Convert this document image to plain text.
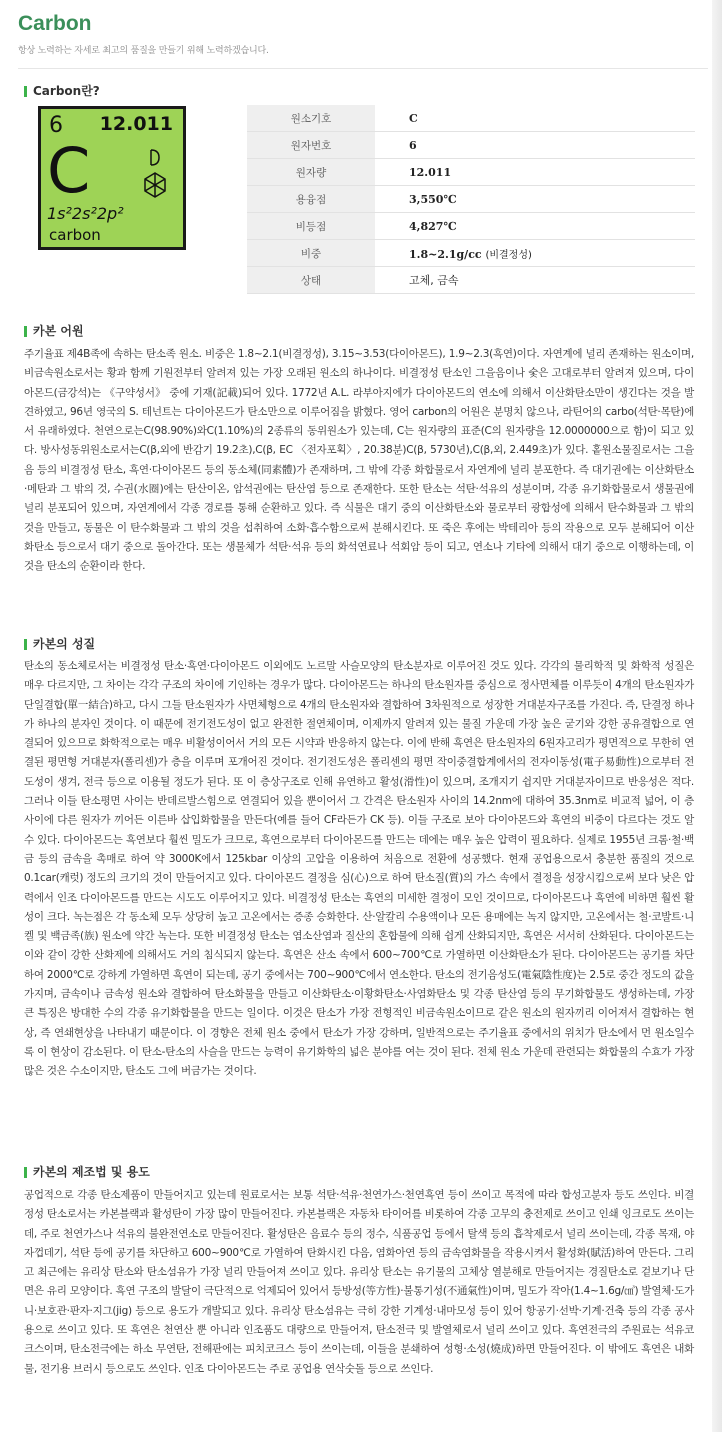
Carbon
항상 노력하는 자세로 최고의 품질을 만들기 위해 노력하겠습니다.
Carbon란?
6 12.011
C
1s²2s²2p²
carbon
원소기호	C
원자번호	6
원자량	12.011
용융점	3,550℃
비등점	4,827℃
비중	1.8~2.1g/cc (비결정성)
상태	고체, 금속
카본 어원
주기율표 제4B족에 속하는 탄소족 원소. 비중은 1.8~2.1(비결정성), 3.15~3.53(다이아몬드), 1.9~2.3(흑연)이다. 자연계에 널리 존재하는 원소이며, 비금속원소로서는 황과 함께 기원전부터 알려져 있는 가장 오래된 원소의 하나이다. 비결정성 탄소인 그을음이나 숯은 고대로부터 알려져 있으며, 다이아몬드(금강석)는 《구약성서》 중에 기재(記載)되어 있다. 1772년 A.L. 라부아지에가 다이아몬드의 연소에 의해서 이산화탄소만이 생긴다는 것을 발견하였고, 96년 영국의 S. 테넌트는 다이아몬드가 탄소만으로 이루어짐을 밝혔다. 영어 carbon의 어원은 분명치 않으나, 라틴어의 carbo(석탄·목탄)에서 유래하였다. 천연으로는C(98.90%)와C(1.10%)의 2종류의 동위원소가 있는데, C는 원자량의 표준(C의 원자량을 12.0000000으로 함)이 되고 있다. 방사성동위원소로서는C(β,외에 반감기 19.2초),C(β, EC 〈전자포획〉, 20.38분)C(β, 5730년),C(β,외, 2.449초)가 있다. 홑원소물질로서는 그을음 등의 비결정성 탄소, 흑연·다이아몬드 등의 동소체(同素體)가 존재하며, 그 밖에 각종 화합물로서 자연계에 널리 분포한다. 즉 대기권에는 이산화탄소·메탄과 그 밖의 것, 수권(水圈)에는 탄산이온, 암석권에는 탄산염 등으로 존재한다. 또한 탄소는 석탄·석유의 성분이며, 각종 유기화합물로서 생물권에 널리 분포되어 있으며, 자연계에서 각종 경로를 통해 순환하고 있다. 즉 식물은 대기 중의 이산화탄소와 물로부터 광합성에 의해서 탄수화물과 그 밖의 것을 만들고, 동물은 이 탄수화물과 그 밖의 것을 섭취하여 소화·흡수함으로써 분해시킨다. 또 죽은 후에는 박테리아 등의 작용으로 모두 분해되어 이산화탄소 등으로서 대기 중으로 돌아간다. 또는 생물체가 석탄·석유 등의 화석연료나 석회암 등이 되고, 연소나 기타에 의해서 대기 중으로 이행하는데, 이것을 탄소의 순환이라 한다.
카본의 성질
탄소의 동소체로서는 비결정성 탄소·흑연·다이아몬드 이외에도 노르말 사슬모양의 탄소분자로 이루어진 것도 있다. 각각의 물리학적 및 화학적 성질은 매우 다르지만, 그 차이는 각각 구조의 차이에 기인하는 경우가 많다. 다이아몬드는 하나의 탄소원자를 중심으로 정사면체를 이루듯이 4개의 탄소원자가 단일결합(單一結合)하고, 다시 그들 탄소원자가 사면체형으로 4개의 탄소원자와 결합하여 3차원적으로 성장한 거대분자구조를 가진다. 즉, 단결정 하나가 하나의 분자인 것이다. 이 때문에 전기전도성이 없고 완전한 절연체이며, 이제까지 알려져 있는 물질 가운데 가장 높은 굳기와 강한 공유결합으로 연결되어 있으므로 화학적으로는 매우 비활성이어서 거의 모든 시약과 반응하지 않는다. 이에 반해 흑연은 탄소원자의 6원자고리가 평면적으로 무한히 연결된 평면형 거대분자(폴리센)가 층을 이루며 포개어진 것이다. 전기전도성은 폴리센의 평면 작이중결합계에서의 전자이동성(電子易動性)으로부터 전도성이 생겨, 전극 등으로 이용될 정도가 된다. 또 이 층상구조로 인해 유연하고 활성(滑性)이 있으며, 조개지기 쉽지만 거대분자이므로 반응성은 적다. 그러나 이들 탄소평면 사이는 반데르발스힘으로 연결되어 있을 뿐이어서 그 간격은 탄소원자 사이의 14.2nm에 대하여 35.3nm로 비교적 넓어, 이 층 사이에 다른 원자가 끼어든 이른바 삽입화합물을 만든다(예를 들어 CF라든가 CK 등). 이들 구조로 보아 다이아몬드와 흑연의 비중이 다르다는 것도 알 수 있다. 다이아몬드는 흑연보다 훨씬 밀도가 크므로, 흑연으로부터 다이아몬드를 만드는 데에는 매우 높은 압력이 필요하다. 실제로 1955년 크롬·철·백금 등의 금속을 촉매로 하여 약 3000K에서 125kbar 이상의 고압을 이용하여 처음으로 전환에 성공했다. 현재 공업용으로서 충분한 품질의 것으로 0.1car(캐럿) 정도의 크기의 것이 만들어지고 있다. 다이아몬드 결정을 심(心)으로 하여 탄소질(質)의 가스 속에서 결정을 성장시킴으로써 보다 낮은 압력에서 인조 다이아몬드를 만드는 시도도 이루어지고 있다. 비결정성 탄소는 흑연의 미세한 결정이 모인 것이므로, 다이아몬드나 흑연에 비하면 훨씬 활성이 크다. 녹는점은 각 동소체 모두 상당히 높고 고온에서는 증종 승화한다. 산·알칼리 수용액이나 모든 용매에는 녹지 않지만, 고온에서는 철·코발트·니켈 및 백금족(族) 원소에 약간 녹는다. 또한 비결정성 탄소는 염소산염과 질산의 혼합물에 의해 쉽게 산화되지만, 흑연은 서서히 산화된다. 다이아몬드는 이와 같이 강한 산화제에 의해서도 거의 침식되지 않는다. 흑연은 산소 속에서 600~700℃로 가열하면 이산화탄소가 된다. 다이아몬드는 공기를 차단하여 2000℃로 강하게 가열하면 흑연이 되는데, 공기 중에서는 700~900℃에서 연소한다. 탄소의 전기음성도(電氣陰性度)는 2.5로 중간 정도의 값을 가지며, 금속이나 금속성 원소와 결합하여 탄소화물을 만들고 이산화탄소·이황화탄소·사염화탄소 및 각종 탄산염 등의 무기화합물도 생성하는데, 가장 큰 특징은 방대한 수의 각종 유기화합물을 만드는 일이다. 이것은 탄소가 가장 전형적인 비금속원소이므로 같은 원소의 원자끼리 이어져서 결합하는 현상, 즉 연쇄현상을 나타내기 때문이다. 이 경향은 전체 원소 중에서 탄소가 가장 강하며, 일반적으로는 주기율표 중에서의 위치가 탄소에서 먼 원소일수록 이 현상이 감소된다. 이 탄소-탄소의 사슬을 만드는 능력이 유기화학의 넓은 분야를 여는 것이 된다. 전체 원소 가운데 관련되는 화합물의 수효가 가장 많은 것은 수소이지만, 탄소도 그에 버금가는 것이다.
카본의 제조법 및 용도
공업적으로 각종 탄소제품이 만들어지고 있는데 원료로서는 보통 석탄·석유·천연가스·천연흑연 등이 쓰이고 목적에 따라 합성고분자 등도 쓰인다. 비결정성 탄소로서는 카본블랙과 활성탄이 가장 많이 만들어진다. 카본블랙은 자동차 타이어를 비롯하여 각종 고무의 충전제로 쓰이고 인쇄 잉크로도 쓰이는데, 주로 천연가스나 석유의 불완전연소로 만들어진다. 활성탄은 음료수 등의 정수, 식품공업 등에서 탈색 등의 흡착제로서 널리 쓰이는데, 각종 목재, 야자껍데기, 석탄 등에 공기를 차단하고 600~900℃로 가열하여 탄화시킨 다음, 염화아연 등의 금속염화물을 작용시켜서 활성화(賦活)하여 만든다. 그리고 최근에는 유리상 탄소와 탄소섬유가 가장 널리 만들어져 쓰이고 있다. 유리상 탄소는 유기물의 고체상 열분해로 만들어지는 경질탄소로 겉보기나 단면은 유리 모양이다. 흑연 구조의 발달이 극단적으로 억제되어 있어서 등방성(等方性)·불통기성(不通氣性)이며, 밀도가 작아(1.4~1.6g/㎤) 발열체·도가니·보호관·판자·지그(jig) 등으로 용도가 개발되고 있다. 유리상 탄소섬유는 극히 강한 기계성·내마모성 등이 있어 항공기·선박·기계·건축 등의 각종 공사용으로 쓰이고 있다. 또 흑연은 천연산 뿐 아니라 인조품도 대량으로 만들어져, 탄소전극 및 발열체로서 널리 쓰이고 있다. 흑연전극의 주원료는 석유코크스이며, 탄소전극에는 하소 무연탄, 전해판에는 피치코크스 등이 쓰이는데, 이들을 분쇄하여 성형·소성(燒成)하면 만들어진다. 이 밖에도 흑연은 내화물, 전기용 브러시 등으로도 쓰인다. 인조 다이아몬드는 주로 공업용 연삭숫돌 등으로 쓰인다.
